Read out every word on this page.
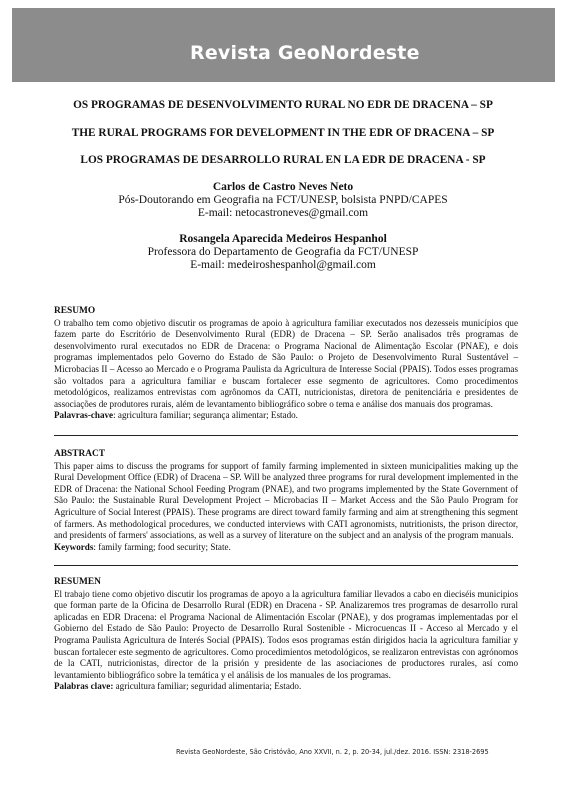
Revista GeoNordeste
OS PROGRAMAS DE DESENVOLVIMENTO RURAL NO EDR DE DRACENA – SP
THE RURAL PROGRAMS FOR DEVELOPMENT IN THE EDR OF DRACENA – SP
LOS PROGRAMAS DE DESARROLLO RURAL EN LA EDR DE DRACENA - SP
Carlos de Castro Neves Neto
Pós-Doutorando em Geografia na FCT/UNESP, bolsista PNPD/CAPES
E-mail: netocastroneves@gmail.com
Rosangela Aparecida Medeiros Hespanhol
Professora do Departamento de Geografia da FCT/UNESP
E-mail: medeiroshespanhol@gmail.com
RESUMO
O trabalho tem como objetivo discutir os programas de apoio à agricultura familiar executados nos dezesseis municípios que fazem parte do Escritório de Desenvolvimento Rural (EDR) de Dracena – SP. Serão analisados três programas de desenvolvimento rural executados no EDR de Dracena: o Programa Nacional de Alimentação Escolar (PNAE), e dois programas implementados pelo Governo do Estado de São Paulo: o Projeto de Desenvolvimento Rural Sustentável – Microbacias II – Acesso ao Mercado e o Programa Paulista da Agricultura de Interesse Social (PPAIS). Todos esses programas são voltados para a agricultura familiar e buscam fortalecer esse segmento de agricultores. Como procedimentos metodológicos, realizamos entrevistas com agrônomos da CATI, nutricionistas, diretora de penitenciária e presidentes de associações de produtores rurais, além de levantamento bibliográfico sobre o tema e análise dos manuais dos programas.
Palavras-chave: agricultura familiar; segurança alimentar; Estado.
ABSTRACT
This paper aims to discuss the programs for support of family farming implemented in sixteen municipalities making up the Rural Development Office (EDR) of Dracena – SP. Will be analyzed three programs for rural development implemented in the EDR of Dracena: the National School Feeding Program (PNAE), and two programs implemented by the State Government of São Paulo: the Sustainable Rural Development Project – Microbacias II – Market Access and the São Paulo Program for Agriculture of Social Interest (PPAIS). These programs are direct toward family farming and aim at strengthening this segment of farmers. As methodological procedures, we conducted interviews with CATI agronomists, nutritionists, the prison director, and presidents of farmers' associations, as well as a survey of literature on the subject and an analysis of the program manuals.
Keywords: family farming; food security; State.
RESUMEN
El trabajo tiene como objetivo discutir los programas de apoyo a la agricultura familiar llevados a cabo en dieciséis municipios que forman parte de la Oficina de Desarrollo Rural (EDR) en Dracena - SP. Analizaremos tres programas de desarrollo rural aplicadas en EDR Dracena: el Programa Nacional de Alimentación Escolar (PNAE), y dos programas implementadas por el Gobierno del Estado de São Paulo: Proyecto de Desarrollo Rural Sostenible - Microcuencas II - Acceso al Mercado y el Programa Paulista Agricultura de Interés Social (PPAIS). Todos esos programas están dirigidos hacia la agricultura familiar y buscan fortalecer este segmento de agricultores. Como procedimientos metodológicos, se realizaron entrevistas con agrónomos de la CATI, nutricionistas, director de la prisión y presidente de las asociaciones de productores rurales, así como levantamiento bibliográfico sobre la temática y el análisis de los manuales de los programas.
Palabras clave: agricultura familiar; seguridad alimentaria; Estado.
Revista GeoNordeste, São Cristóvão, Ano XXVII, n. 2, p. 20-34, jul./dez. 2016. ISSN: 2318-2695
